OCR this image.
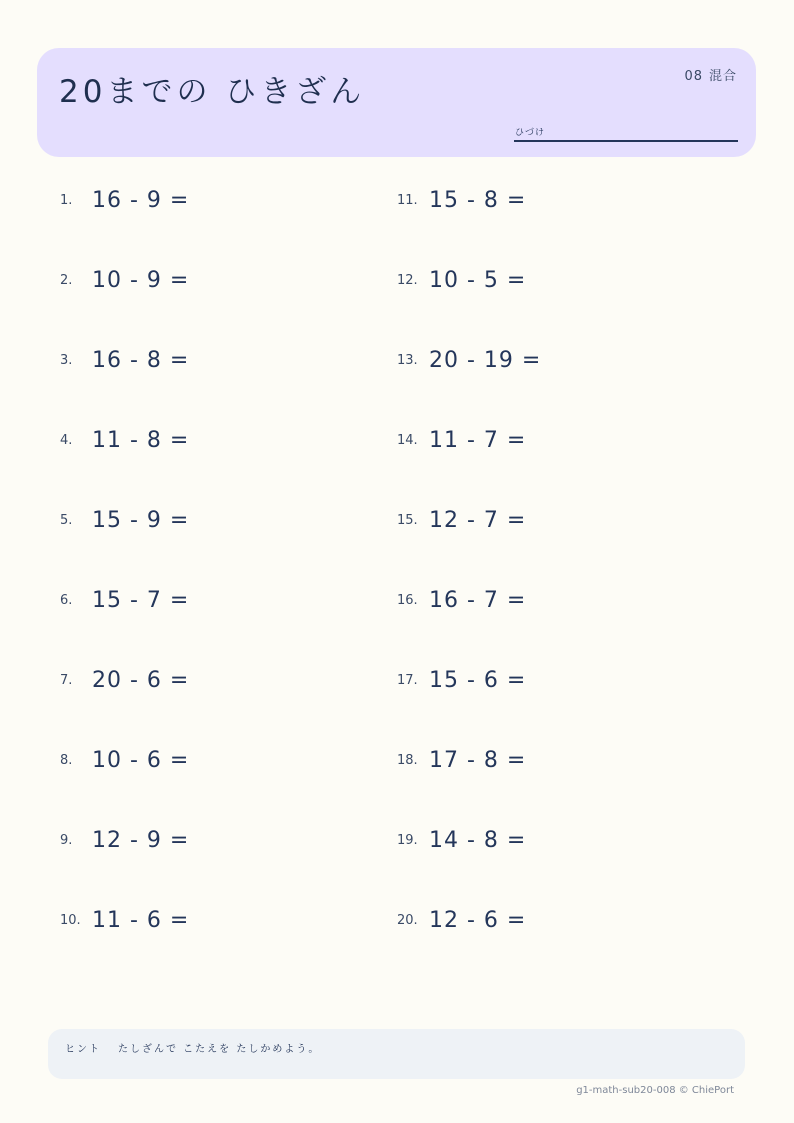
20までの ひきざん	08 混合
ひづけ
1. 16 - 9 =
2. 10 - 9 =
3. 16 - 8 =
4. 11 - 8 =
5. 15 - 9 =
6. 15 - 7 =
7. 20 - 6 =
8. 10 - 6 =
9. 12 - 9 =
10. 11 - 6 =
11. 15 - 8 =
12. 10 - 5 =
13. 20 - 19 =
14. 11 - 7 =
15. 12 - 7 =
16. 16 - 7 =
17. 15 - 6 =
18. 17 - 8 =
19. 14 - 8 =
20. 12 - 6 =
ヒント たしざんで こたえを たしかめよう。
g1-math-sub20-008 © ChiePort
